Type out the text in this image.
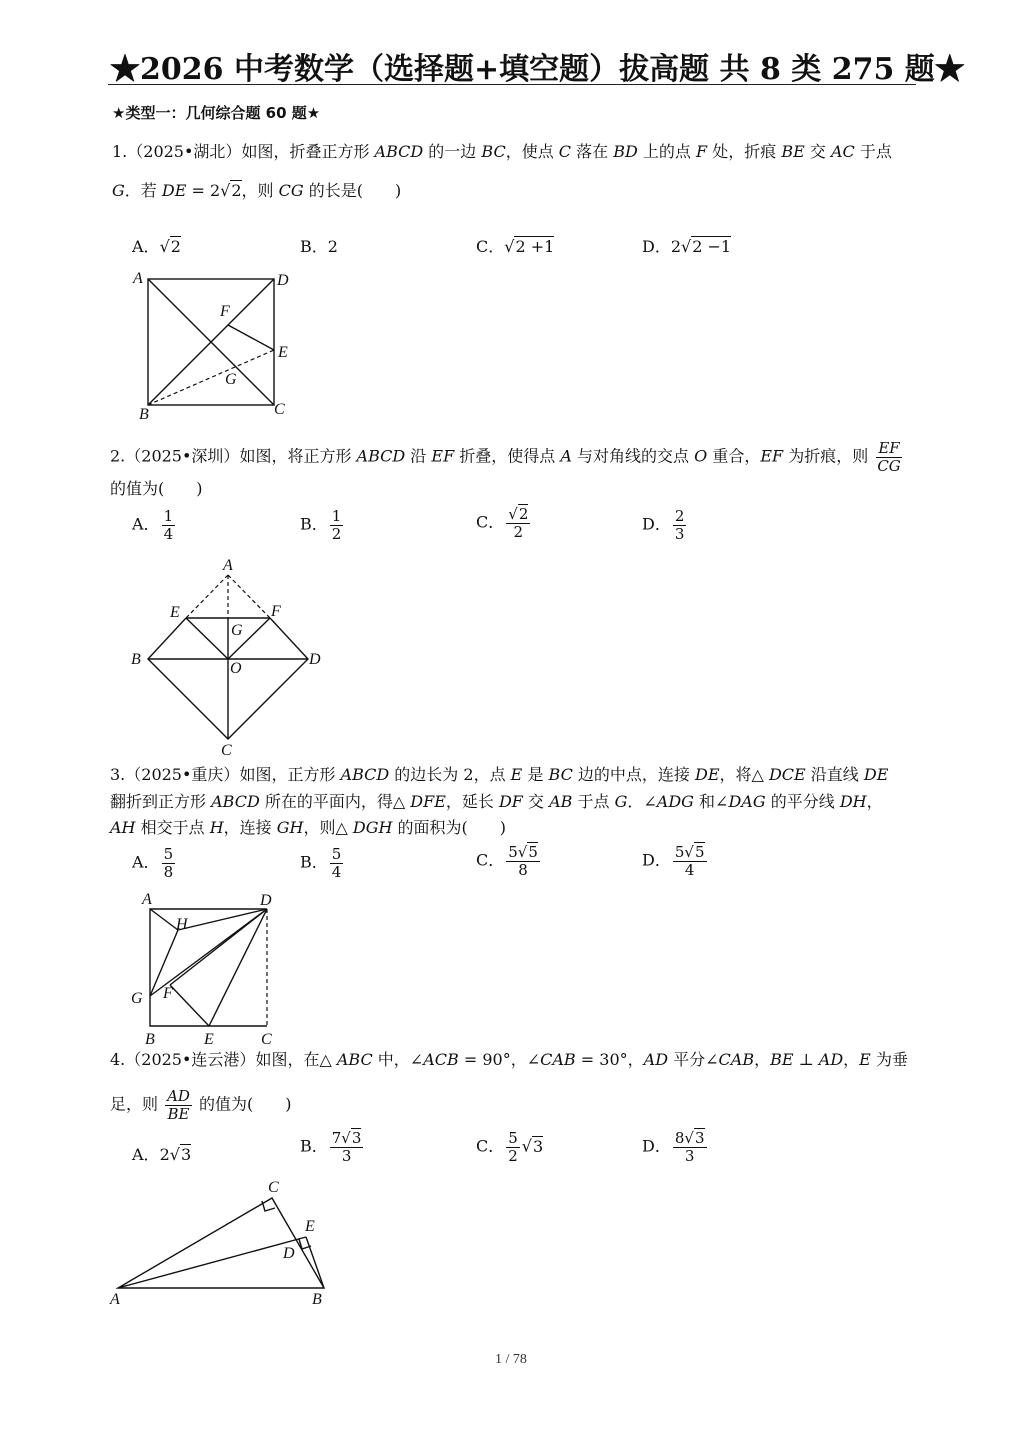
★2026 中考数学（选择题+填空题）拔高题 共 8 类 275 题★
★类型一：几何综合题 60 题★
1.（2025•湖北）如图，折叠正方形 ABCD 的一边 BC，使点 C 落在 BD 上的点 F 处，折痕 BE 交 AC 于点
G．若 DE = 2√2，则 CG 的长是(　　)
A．√2	B．2	C．√2 +1	D．2√2 −1
A	D
F
E
G
B	C
2.（2025•深圳）如图，将正方形 ABCD 沿 EF 折叠，使得点 A 与对角线的交点 O 重合，EF 为折痕，则 $\frac{EF}{CG}$
的值为(　　)
A． $\frac{1}{4}$	B． $\frac{1}{2}$	C． $\frac{√2}{2}$	D． $\frac{2}{3}$
A
E	F
G
B
O
D
C
3.（2025•重庆）如图，正方形 ABCD 的边长为 2，点 E 是 BC 边的中点，连接 DE，将△ DCE 沿直线 DE
翻折到正方形 ABCD 所在的平面内，得△ DFE，延长 DF 交 AB 于点 G．∠ADG 和∠DAG 的平分线 DH，
AH 相交于点 H，连接 GH，则△ DGH 的面积为(　　)
A． $\frac{5}{8}$	B． $\frac{5}{4}$	C． $\frac{5√5}{8}$	D． $\frac{5√5}{4}$
A	D
H
G F
B	E	C
4.（2025•连云港）如图，在△ ABC 中，∠ACB = 90°，∠CAB = 30°，AD 平分∠CAB，BE ⊥ AD，E 为垂
足，则 $\frac{AD}{BE}$ 的值为(　　)
A．2√3	B． $\frac{7√3}{3}$	C． $\frac{5}{2} √3$	D． $\frac{8√3}{3}$
C
E
D
A	B
1 / 78
